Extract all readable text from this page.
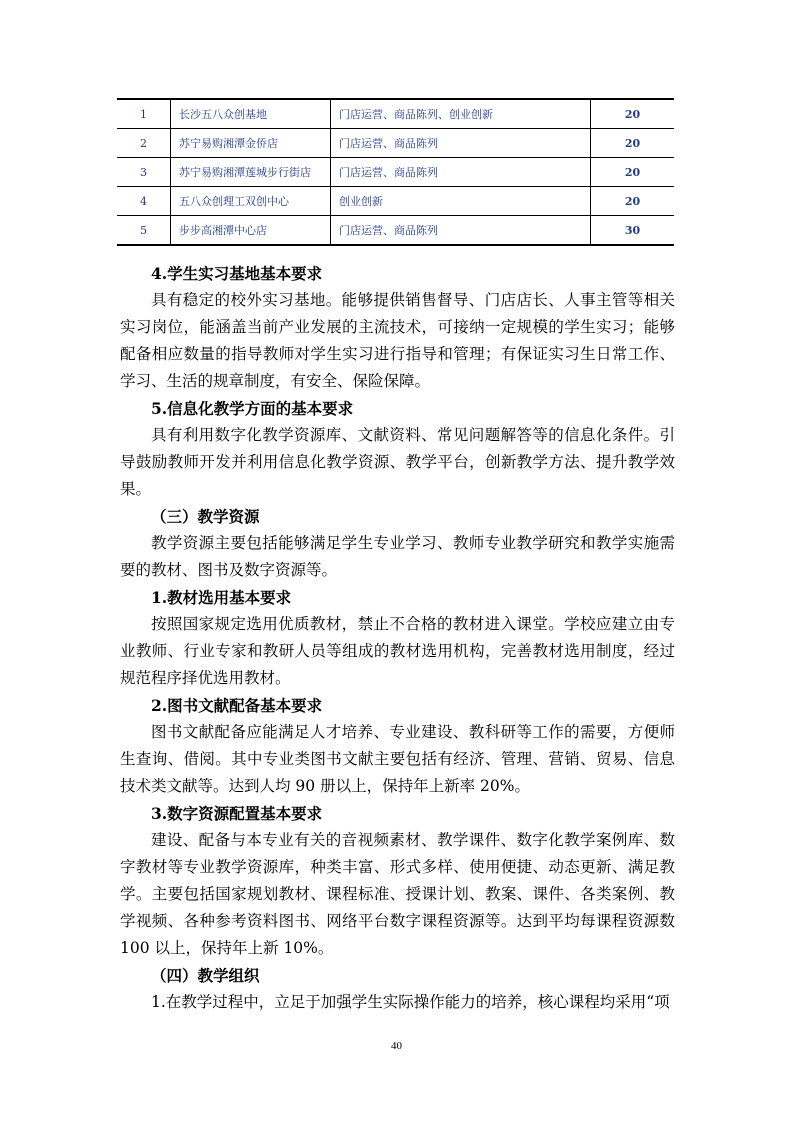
1	长沙五八众创基地	门店运营、商品陈列、创业创新	20
2	苏宁易购湘潭金侨店	门店运营、商品陈列	20
3	苏宁易购湘潭莲城步行街店	门店运营、商品陈列	20
4	五八众创理工双创中心	创业创新	20
5	步步高湘潭中心店	门店运营、商品陈列	30

4.学生实习基地基本要求

具有稳定的校外实习基地。能够提供销售督导、门店店长、人事主管等相关实习岗位，能涵盖当前产业发展的主流技术，可接纳一定规模的学生实习；能够配备相应数量的指导教师对学生实习进行指导和管理；有保证实习生日常工作、学习、生活的规章制度，有安全、保险保障。

5.信息化教学方面的基本要求

具有利用数字化教学资源库、文献资料、常见问题解答等的信息化条件。引导鼓励教师开发并利用信息化教学资源、教学平台，创新教学方法、提升教学效果。

（三）教学资源

教学资源主要包括能够满足学生专业学习、教师专业教学研究和教学实施需要的教材、图书及数字资源等。

1.教材选用基本要求

按照国家规定选用优质教材，禁止不合格的教材进入课堂。学校应建立由专业教师、行业专家和教研人员等组成的教材选用机构，完善教材选用制度，经过规范程序择优选用教材。

2.图书文献配备基本要求

图书文献配备应能满足人才培养、专业建设、教科研等工作的需要，方便师生查询、借阅。其中专业类图书文献主要包括有经济、管理、营销、贸易、信息技术类文献等。达到人均 90 册以上，保持年上新率 20%。

3.数字资源配置基本要求

建设、配备与本专业有关的音视频素材、教学课件、数字化教学案例库、数字教材等专业教学资源库，种类丰富、形式多样、使用便捷、动态更新、满足教学。主要包括国家规划教材、课程标准、授课计划、教案、课件、各类案例、教学视频、各种参考资料图书、网络平台数字课程资源等。达到平均每课程资源数 100 以上，保持年上新 10%。

（四）教学组织

1.在教学过程中，立足于加强学生实际操作能力的培养，核心课程均采用“项

40
